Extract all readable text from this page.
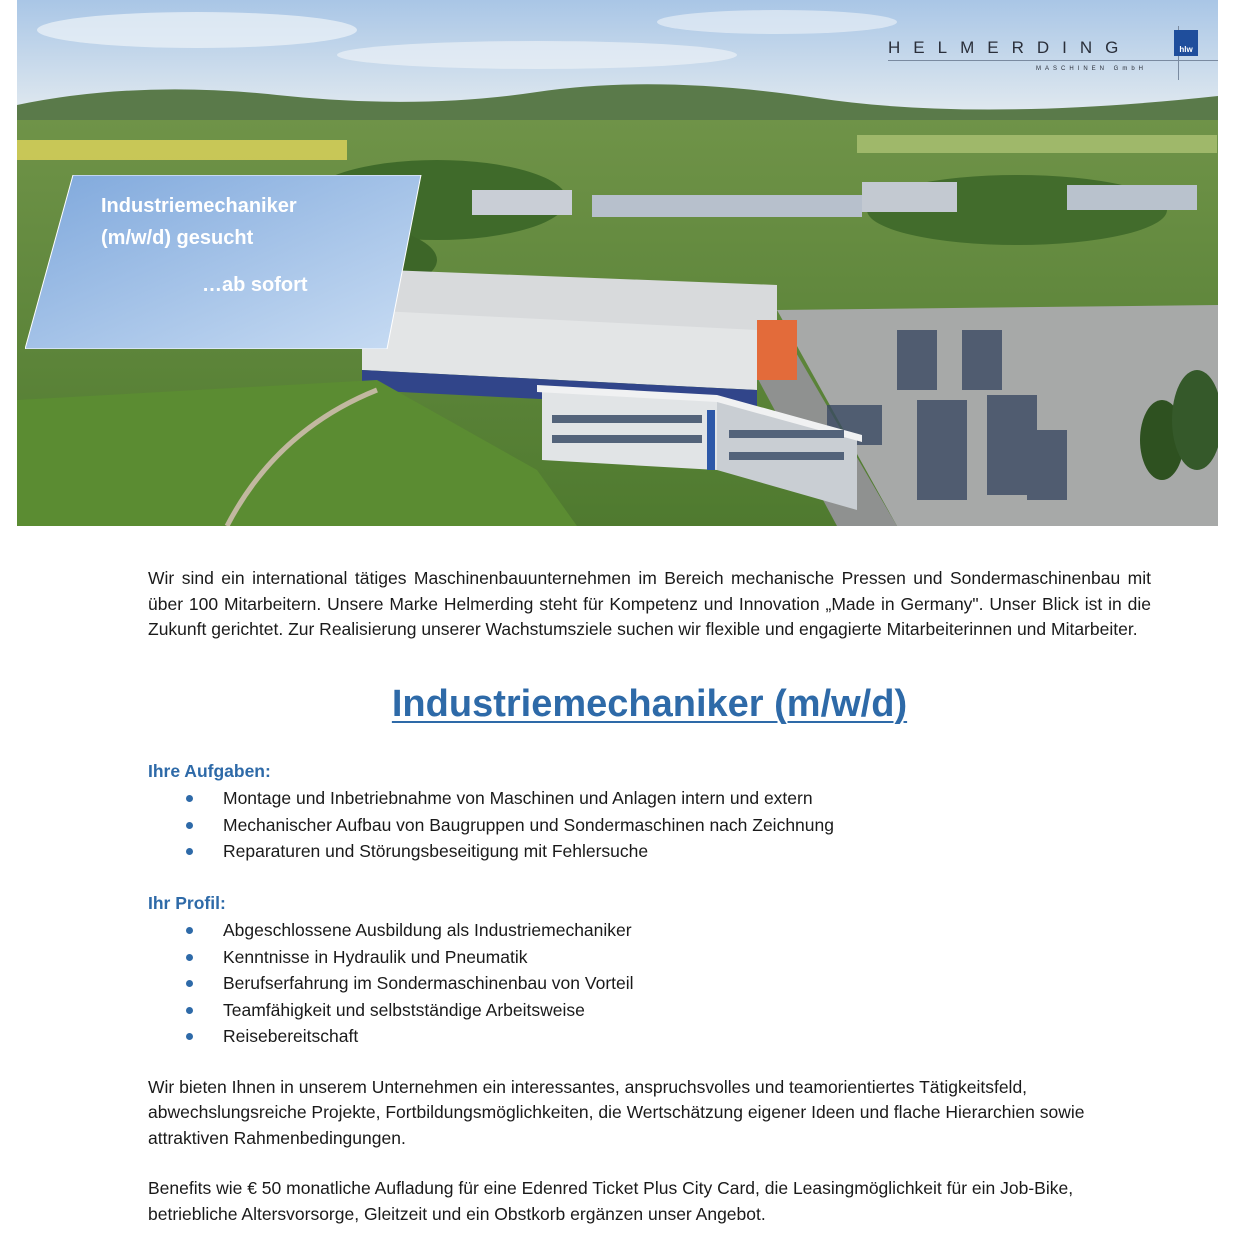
HELMERDING
MASCHINEN GmbH
hlw
Industriemechaniker
(m/w/d) gesucht
…ab sofort

Wir sind ein international tätiges Maschinenbauunternehmen im Bereich mechanische Pressen und Sondermaschinenbau mit über 100 Mitarbeitern. Unsere Marke Helmerding steht für Kompetenz und Innovation „Made in Germany". Unser Blick ist in die Zukunft gerichtet. Zur Realisierung unserer Wachstumsziele suchen wir flexible und engagierte Mitarbeiterinnen und Mitarbeiter.

Industriemechaniker (m/w/d)

Ihre Aufgaben:

Montage und Inbetriebnahme von Maschinen und Anlagen intern und extern
Mechanischer Aufbau von Baugruppen und Sondermaschinen nach Zeichnung
Reparaturen und Störungsbeseitigung mit Fehlersuche

Ihr Profil:

Abgeschlossene Ausbildung als Industriemechaniker
Kenntnisse in Hydraulik und Pneumatik
Berufserfahrung im Sondermaschinenbau von Vorteil
Teamfähigkeit und selbstständige Arbeitsweise
Reisebereitschaft

Wir bieten Ihnen in unserem Unternehmen ein interessantes, anspruchsvolles und teamorientiertes Tätigkeitsfeld, abwechslungsreiche Projekte, Fortbildungsmöglichkeiten, die Wertschätzung eigener Ideen und flache Hierarchien sowie attraktiven Rahmenbedingungen.

Benefits wie € 50 monatliche Aufladung für eine Edenred Ticket Plus City Card, die Leasingmöglichkeit für ein Job-Bike, betriebliche Altersvorsorge, Gleitzeit und ein Obstkorb ergänzen unser Angebot.
